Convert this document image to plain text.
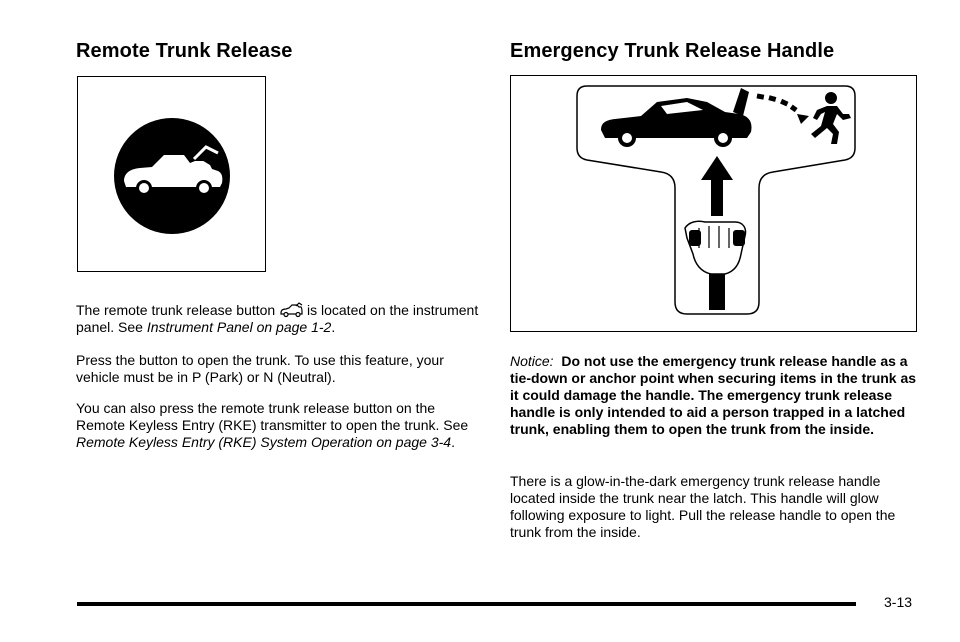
Remote Trunk Release

The remote trunk release button  is located on the instrument panel. See Instrument Panel on page 1-2.

Press the button to open the trunk. To use this feature, your vehicle must be in P (Park) or N (Neutral).

You can also press the remote trunk release button on the Remote Keyless Entry (RKE) transmitter to open the trunk. See Remote Keyless Entry (RKE) System Operation on page 3-4.

Emergency Trunk Release Handle

Notice: Do not use the emergency trunk release handle as a tie-down or anchor point when securing items in the trunk as it could damage the handle. The emergency trunk release handle is only intended to aid a person trapped in a latched trunk, enabling them to open the trunk from the inside.

There is a glow-in-the-dark emergency trunk release handle located inside the trunk near the latch. This handle will glow following exposure to light. Pull the release handle to open the trunk from the inside.

3-13
